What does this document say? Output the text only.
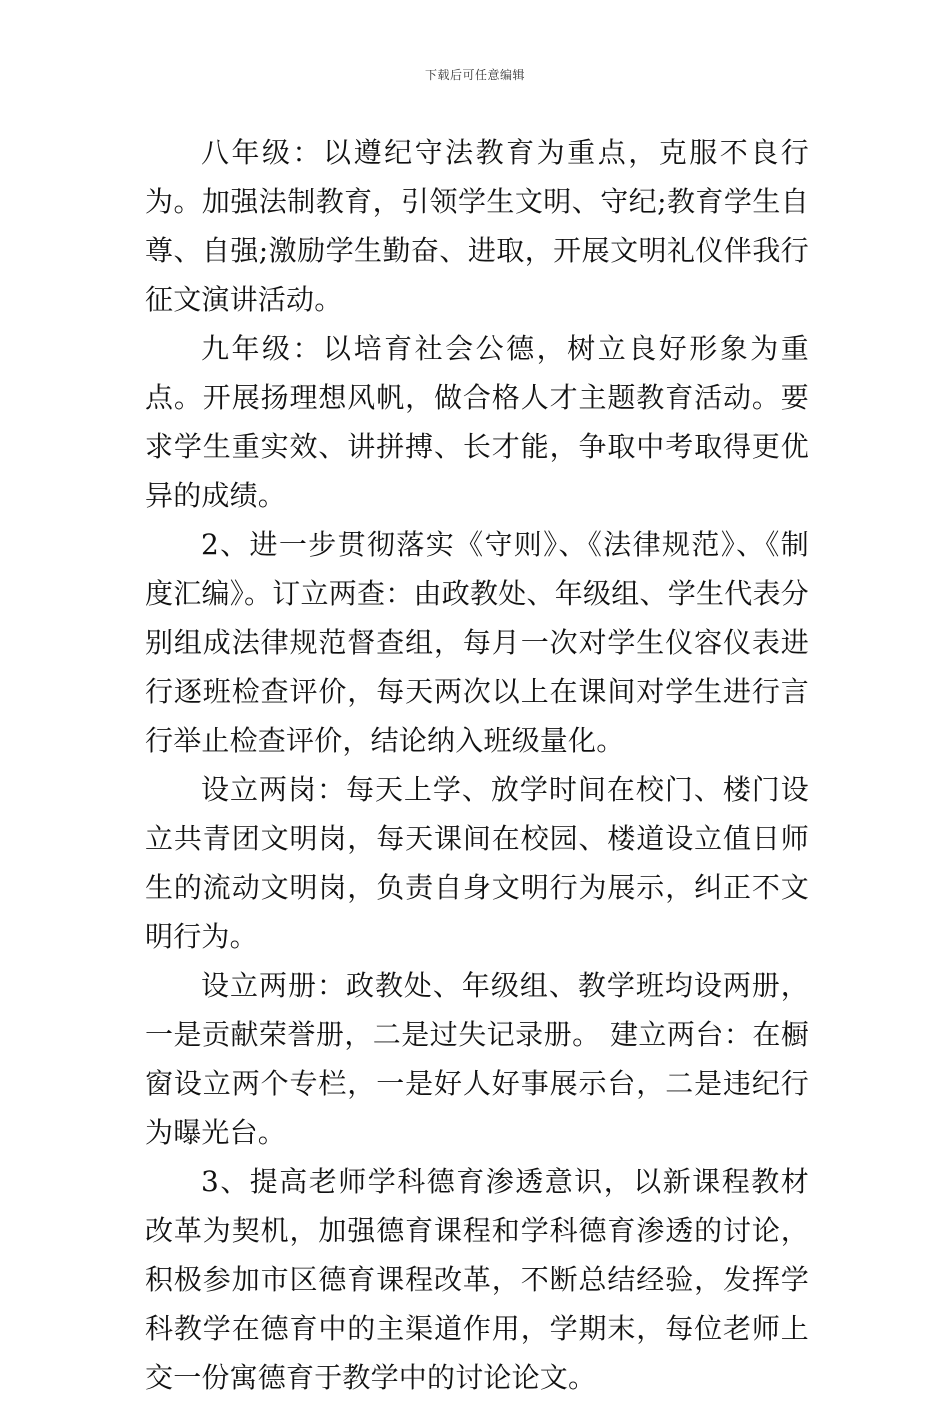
下载后可任意编辑

八年级：以遵纪守法教育为重点，克服不良行为。加强法制教育，引领学生文明、守纪;教育学生自尊、自强;激励学生勤奋、进取，开展文明礼仪伴我行征文演讲活动。

九年级：以培育社会公德，树立良好形象为重点。开展扬理想风帆，做合格人才主题教育活动。要求学生重实效、讲拼搏、长才能，争取中考取得更优异的成绩。

2、进一步贯彻落实《守则》、《法律规范》、《制度汇编》。订立两查：由政教处、年级组、学生代表分别组成法律规范督查组，每月一次对学生仪容仪表进行逐班检查评价，每天两次以上在课间对学生进行言行举止检查评价，结论纳入班级量化。

设立两岗：每天上学、放学时间在校门、楼门设立共青团文明岗，每天课间在校园、楼道设立值日师生的流动文明岗，负责自身文明行为展示，纠正不文明行为。

设立两册：政教处、年级组、教学班均设两册，一是贡献荣誉册，二是过失记录册。 建立两台：在橱窗设立两个专栏，一是好人好事展示台，二是违纪行为曝光台。

3、提高老师学科德育渗透意识，以新课程教材改革为契机，加强德育课程和学科德育渗透的讨论，积极参加市区德育课程改革，不断总结经验，发挥学科教学在德育中的主渠道作用，学期末，每位老师上交一份寓德育于教学中的讨论论文。
